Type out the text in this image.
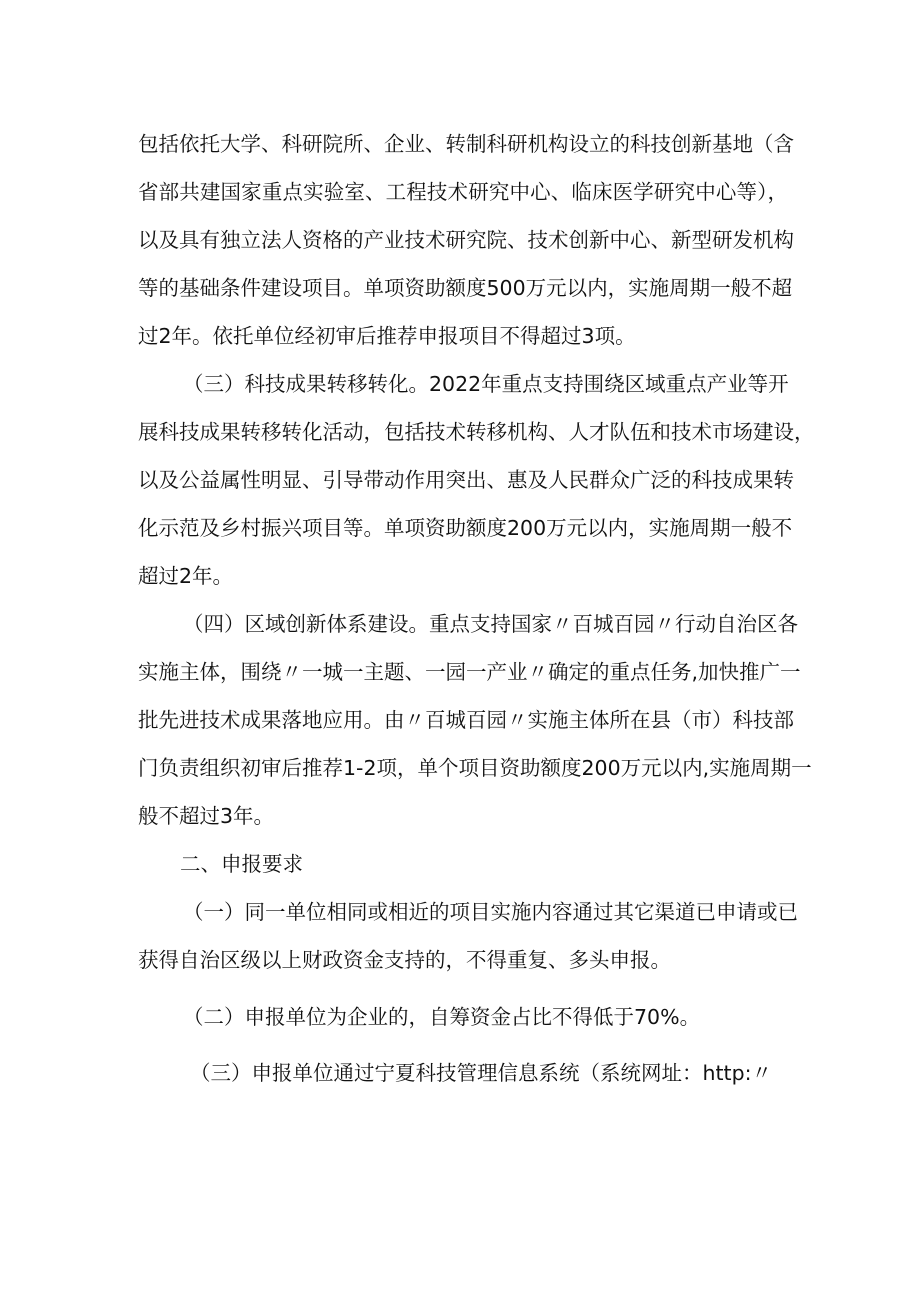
包括依托大学、科研院所、企业、转制科研机构设立的科技创新基地（含
省部共建国家重点实验室、工程技术研究中心、临床医学研究中心等），
以及具有独立法人资格的产业技术研究院、技术创新中心、新型研发机构
等的基础条件建设项目。单项资助额度500万元以内，实施周期一般不超
过2年。依托单位经初审后推荐申报项目不得超过3项。
（三）科技成果转移转化。2022年重点支持围绕区域重点产业等开
展科技成果转移转化活动，包括技术转移机构、人才队伍和技术市场建设，
以及公益属性明显、引导带动作用突出、惠及人民群众广泛的科技成果转
化示范及乡村振兴项目等。单项资助额度200万元以内，实施周期一般不
超过2年。
（四）区域创新体系建设。重点支持国家〃百城百园〃行动自治区各
实施主体，围绕〃一城一主题、一园一产业〃确定的重点任务,加快推广一
批先进技术成果落地应用。由〃百城百园〃实施主体所在县（市）科技部
门负责组织初审后推荐1-2项，单个项目资助额度200万元以内,实施周期一
般不超过3年。
二、申报要求
（一）同一单位相同或相近的项目实施内容通过其它渠道已申请或已
获得自治区级以上财政资金支持的，不得重复、多头申报。
（二）申报单位为企业的，自筹资金占比不得低于70%。
（三）申报单位通过宁夏科技管理信息系统（系统网址：http:〃
